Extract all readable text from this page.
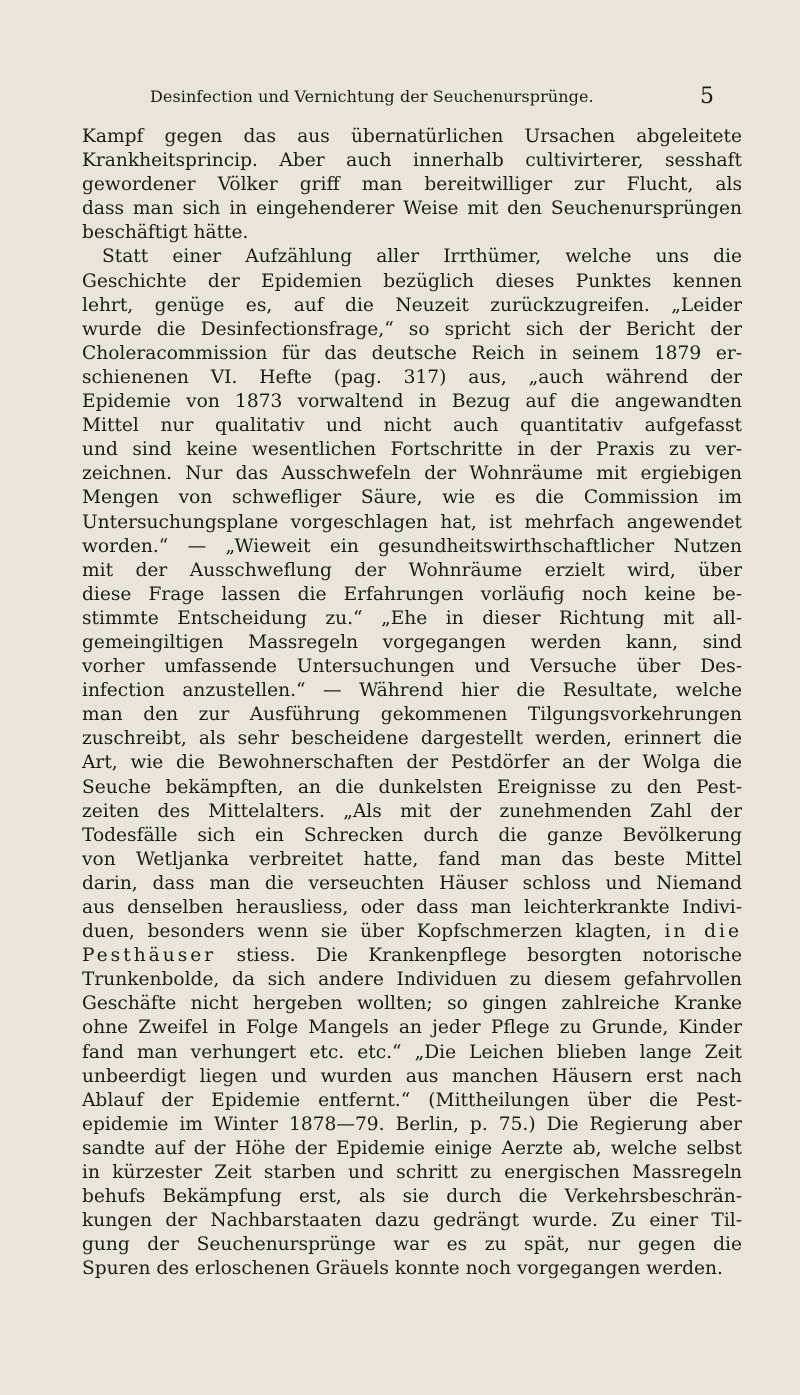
Desinfection und Vernichtung der Seuchenursprünge.	5
Kampf gegen das aus übernatürlichen Ursachen abgeleitete
Krankheitsprincip. Aber auch innerhalb cultivirterer, sesshaft
gewordener Völker griff man bereitwilliger zur Flucht, als
dass man sich in eingehenderer Weise mit den Seuchenursprüngen
beschäftigt hätte.
Statt einer Aufzählung aller Irrthümer, welche uns die
Geschichte der Epidemien bezüglich dieses Punktes kennen
lehrt, genüge es, auf die Neuzeit zurückzugreifen. „Leider
wurde die Desinfectionsfrage,“ so spricht sich der Bericht der
Choleracommission für das deutsche Reich in seinem 1879 er-
schienenen VI. Hefte (pag. 317) aus, „auch während der
Epidemie von 1873 vorwaltend in Bezug auf die angewandten
Mittel nur qualitativ und nicht auch quantitativ aufgefasst
und sind keine wesentlichen Fortschritte in der Praxis zu ver-
zeichnen. Nur das Ausschwefeln der Wohnräume mit ergiebigen
Mengen von schwefliger Säure, wie es die Commission im
Untersuchungsplane vorgeschlagen hat, ist mehrfach angewendet
worden.“ — „Wieweit ein gesundheitswirthschaftlicher Nutzen
mit der Ausschweflung der Wohnräume erzielt wird, über
diese Frage lassen die Erfahrungen vorläufig noch keine be-
stimmte Entscheidung zu.“ „Ehe in dieser Richtung mit all-
gemeingiltigen Massregeln vorgegangen werden kann, sind
vorher umfassende Untersuchungen und Versuche über Des-
infection anzustellen.“ — Während hier die Resultate, welche
man den zur Ausführung gekommenen Tilgungsvorkehrungen
zuschreibt, als sehr bescheidene dargestellt werden, erinnert die
Art, wie die Bewohnerschaften der Pestdörfer an der Wolga die
Seuche bekämpften, an die dunkelsten Ereignisse zu den Pest-
zeiten des Mittelalters. „Als mit der zunehmenden Zahl der
Todesfälle sich ein Schrecken durch die ganze Bevölkerung
von Wetljanka verbreitet hatte, fand man das beste Mittel
darin, dass man die verseuchten Häuser schloss und Niemand
aus denselben herausliess, oder dass man leichterkrankte Indivi-
duen, besonders wenn sie über Kopfschmerzen klagten, in die
Pesthäuser stiess. Die Krankenpflege besorgten notorische
Trunkenbolde, da sich andere Individuen zu diesem gefahrvollen
Geschäfte nicht hergeben wollten; so gingen zahlreiche Kranke
ohne Zweifel in Folge Mangels an jeder Pflege zu Grunde, Kinder
fand man verhungert etc. etc.“ „Die Leichen blieben lange Zeit
unbeerdigt liegen und wurden aus manchen Häusern erst nach
Ablauf der Epidemie entfernt.“ (Mittheilungen über die Pest-
epidemie im Winter 1878—79. Berlin, p. 75.) Die Regierung aber
sandte auf der Höhe der Epidemie einige Aerzte ab, welche selbst
in kürzester Zeit starben und schritt zu energischen Massregeln
behufs Bekämpfung erst, als sie durch die Verkehrsbeschrän-
kungen der Nachbarstaaten dazu gedrängt wurde. Zu einer Til-
gung der Seuchenursprünge war es zu spät, nur gegen die
Spuren des erloschenen Gräuels konnte noch vorgegangen werden.
